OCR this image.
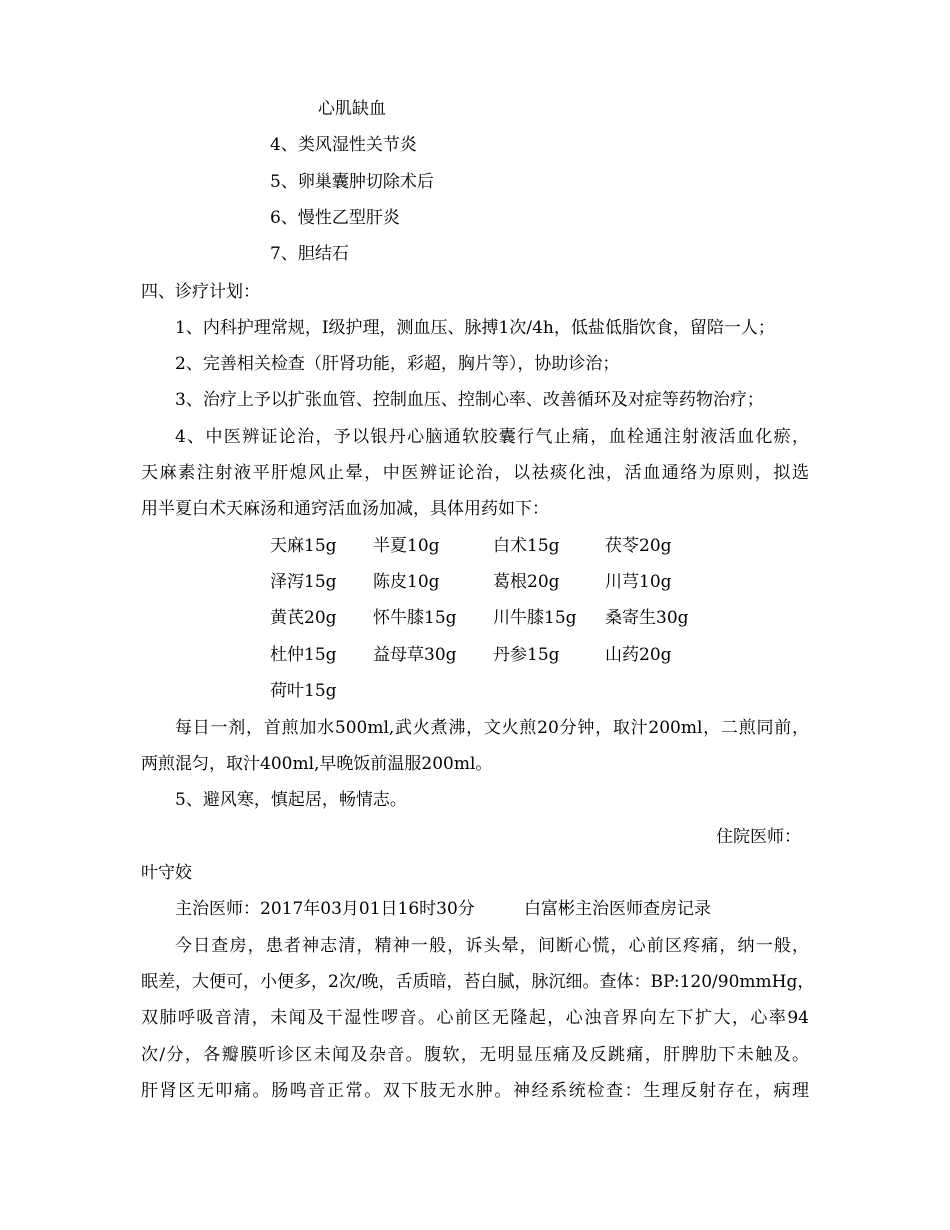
心肌缺血
4、类风湿性关节炎
5、卵巢囊肿切除术后
6、慢性乙型肝炎
7、胆结石
四、诊疗计划：
1、内科护理常规，Ⅰ级护理，测血压、脉搏1次/4h，低盐低脂饮食，留陪一人；
2、完善相关检查（肝肾功能，彩超，胸片等），协助诊治；
3、治疗上予以扩张血管、控制血压、控制心率、改善循环及对症等药物治疗；
4、中医辨证论治，予以银丹心脑通软胶囊行气止痛，血栓通注射液活血化瘀，
天麻素注射液平肝熄风止晕，中医辨证论治，以祛痰化浊，活血通络为原则，拟选
用半夏白术天麻汤和通窍活血汤加减，具体用药如下：
天麻15g 半夏10g	白术15g	茯苓20g
泽泻15g 陈皮10g	葛根20g	川芎10g
黄芪20g 怀牛膝15g 川牛膝15g 桑寄生30g
杜仲15g 益母草30g 丹参15g	山药20g
荷叶15g
每日一剂，首煎加水500ml,武火煮沸，文火煎20分钟，取汁200ml，二煎同前，
两煎混匀，取汁400ml,早晚饭前温服200ml。
5、避风寒，慎起居，畅情志。
住院医师：
叶守姣
主治医师：2017年03月01日16时30分	白富彬主治医师查房记录
今日查房，患者神志清，精神一般，诉头晕，间断心慌，心前区疼痛，纳一般，
眠差，大便可，小便多，2次/晚，舌质暗，苔白腻，脉沉细。查体：BP:120/90mmHg，
双肺呼吸音清，未闻及干湿性啰音。心前区无隆起，心浊音界向左下扩大，心率94
次/分，各瓣膜听诊区未闻及杂音。腹软，无明显压痛及反跳痛，肝脾肋下未触及。
肝肾区无叩痛。肠鸣音正常。双下肢无水肿。神经系统检查：生理反射存在，病理
